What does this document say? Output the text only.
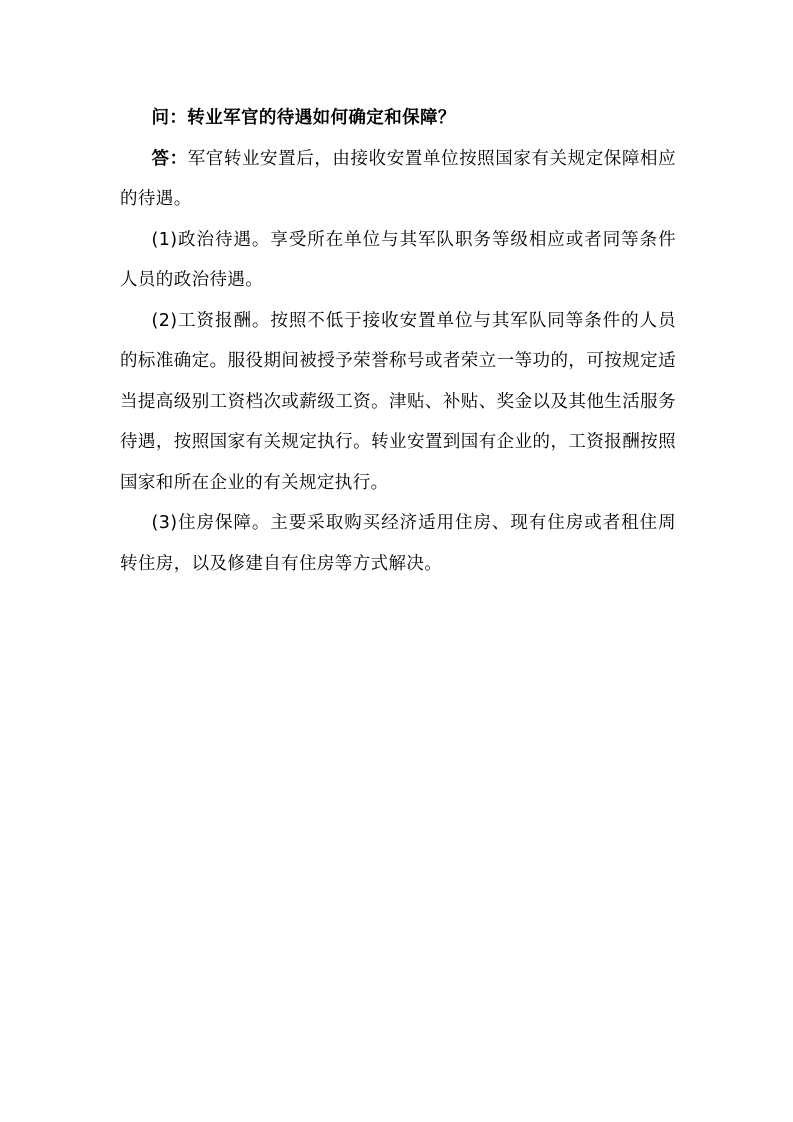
问：转业军官的待遇如何确定和保障？

答：军官转业安置后，由接收安置单位按照国家有关规定保障相应的待遇。

(1)政治待遇。享受所在单位与其军队职务等级相应或者同等条件人员的政治待遇。

(2)工资报酬。按照不低于接收安置单位与其军队同等条件的人员的标准确定。服役期间被授予荣誉称号或者荣立一等功的，可按规定适当提高级别工资档次或薪级工资。津贴、补贴、奖金以及其他生活服务待遇，按照国家有关规定执行。转业安置到国有企业的，工资报酬按照国家和所在企业的有关规定执行。

(3)住房保障。主要采取购买经济适用住房、现有住房或者租住周转住房，以及修建自有住房等方式解决。
